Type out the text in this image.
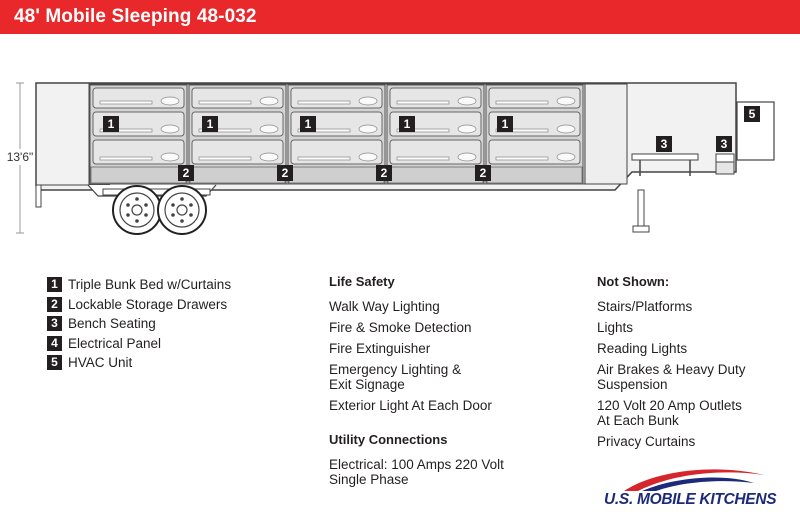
48' Mobile Sleeping 48-032
13'6"
1	1	1	1	1
2	2	2	2
3	3
5
1 Triple Bunk Bed w/Curtains
2 Lockable Storage Drawers
3 Bench Seating
4 Electrical Panel
5 HVAC Unit
Life Safety
Walk Way Lighting
Fire & Smoke Detection
Fire Extinguisher
Emergency Lighting &
Exit Signage
Exterior Light At Each Door
Utility Connections
Electrical: 100 Amps 220 Volt
Single Phase
Not Shown:
Stairs/Platforms
Lights
Reading Lights
Air Brakes & Heavy Duty
Suspension
120 Volt 20 Amp Outlets
At Each Bunk
Privacy Curtains
U.S. MOBILE KITCHENS
